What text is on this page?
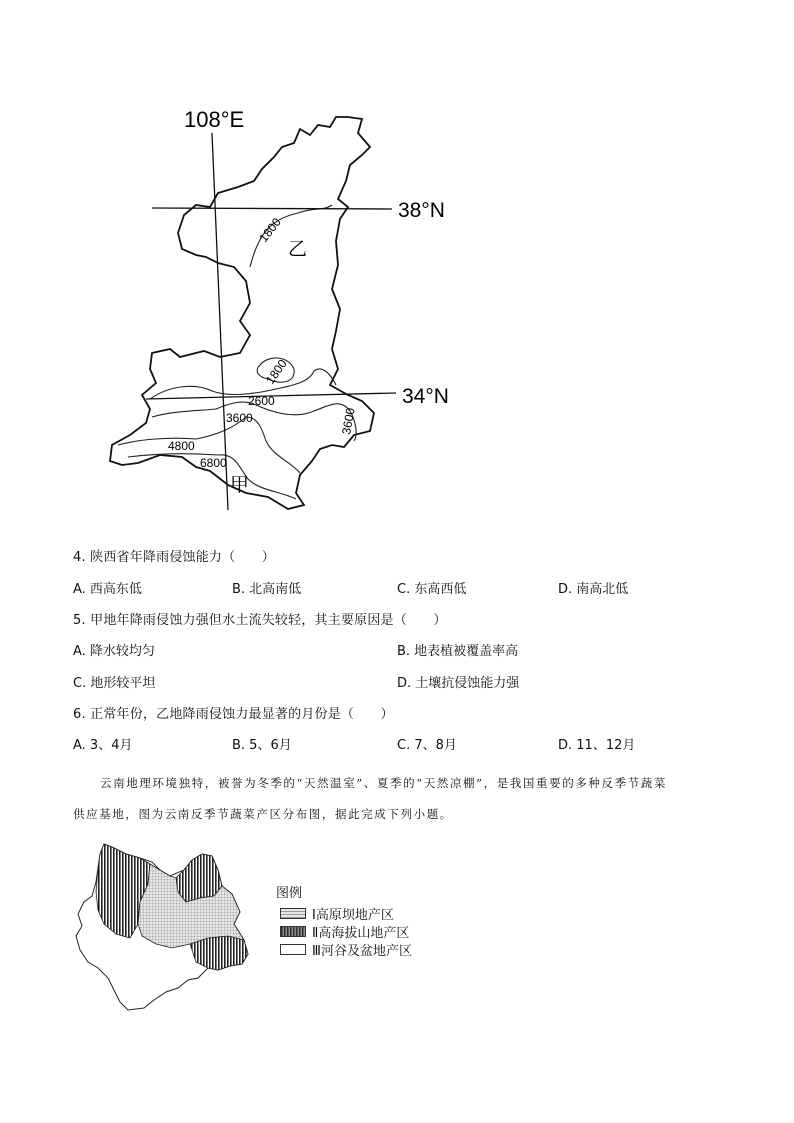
108°E
38°N
34°N
乙
甲
1800
1800
2600
3600	3600
4800
6800
4. 陕西省年降雨侵蚀能力（　　）
A. 西高东低	B. 北高南低	C. 东高西低	D. 南高北低
5. 甲地年降雨侵蚀力强但水土流失较轻，其主要原因是（　　）
A. 降水较均匀	B. 地表植被覆盖率高
C. 地形较平坦	D. 土壤抗侵蚀能力强
6. 正常年份，乙地降雨侵蚀力最显著的月份是（　　）
A. 3、4月	B. 5、6月	C. 7、8月	D. 11、12月
云南地理环境独特，被誉为冬季的“天然温室”、夏季的“天然凉棚”，是我国重要的多种反季节蔬菜
供应基地，图为云南反季节蔬菜产区分布图，据此完成下列小题。
图例
Ⅰ高原坝地产区
Ⅱ高海拔山地产区
Ⅲ河谷及盆地产区
